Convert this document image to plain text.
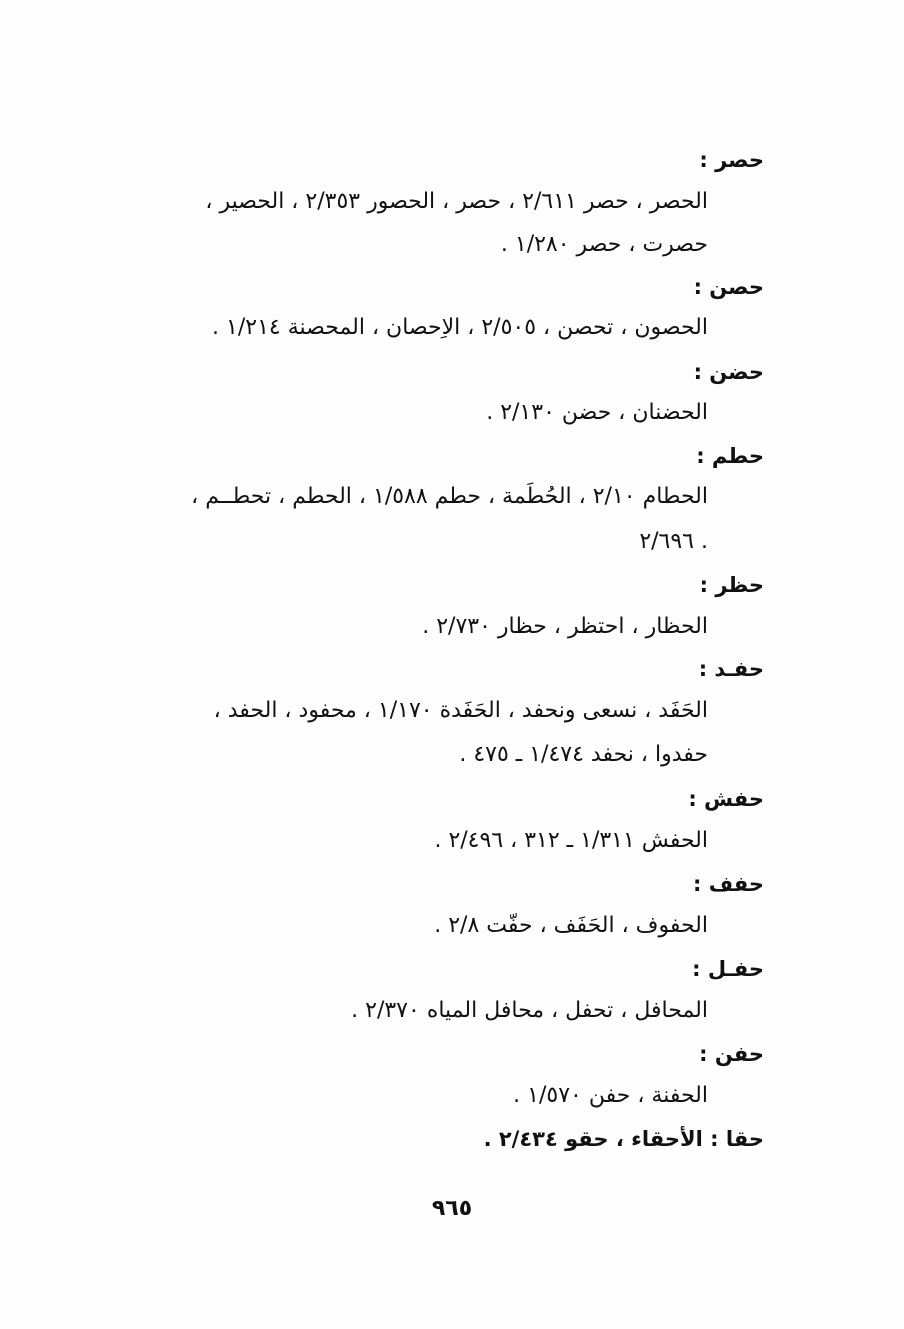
حصر :
الحصر ، حصر ٢/٦١١ ، حصر ، الحصور ٢/٣٥٣ ، الحصير ،
حصرت ، حصر ١/٢٨٠ .
حصن :
الحصون ، تحصن ، ٢/٥٠٥ ، الاِحصان ، المحصنة ١/٢١٤ .
حضن :
الحضنان ، حضن ٢/١٣٠ .
حطم :
الحطام ٢/١٠ ، الحُطَمة ، حطم ١/٥٨٨ ، الحطم ، تحطــم ،
٢/٦٩٦ .
حظر :
الحظار ، احتظر ، حظار ٢/٧٣٠ .
حفـد :
الحَفَد ، نسعى ونحفد ، الحَفَدة ١/١٧٠ ، محفود ، الحفد ،
حفدوا ، نحفد ١/٤٧٤ ـ ٤٧٥ .
حفش :
الحفش ١/٣١١ ـ ٣١٢ ، ٢/٤٩٦ .
حفف :
الحفوف ، الحَفَف ، حفّت ٢/٨ .
حفـل :
المحافل ، تحفل ، محافل المياه ٢/٣٧٠ .
حفن :
الحفنة ، حفن ١/٥٧٠ .
حقا : الأحقاء ، حقو ٢/٤٣٤ .
٩٦٥
